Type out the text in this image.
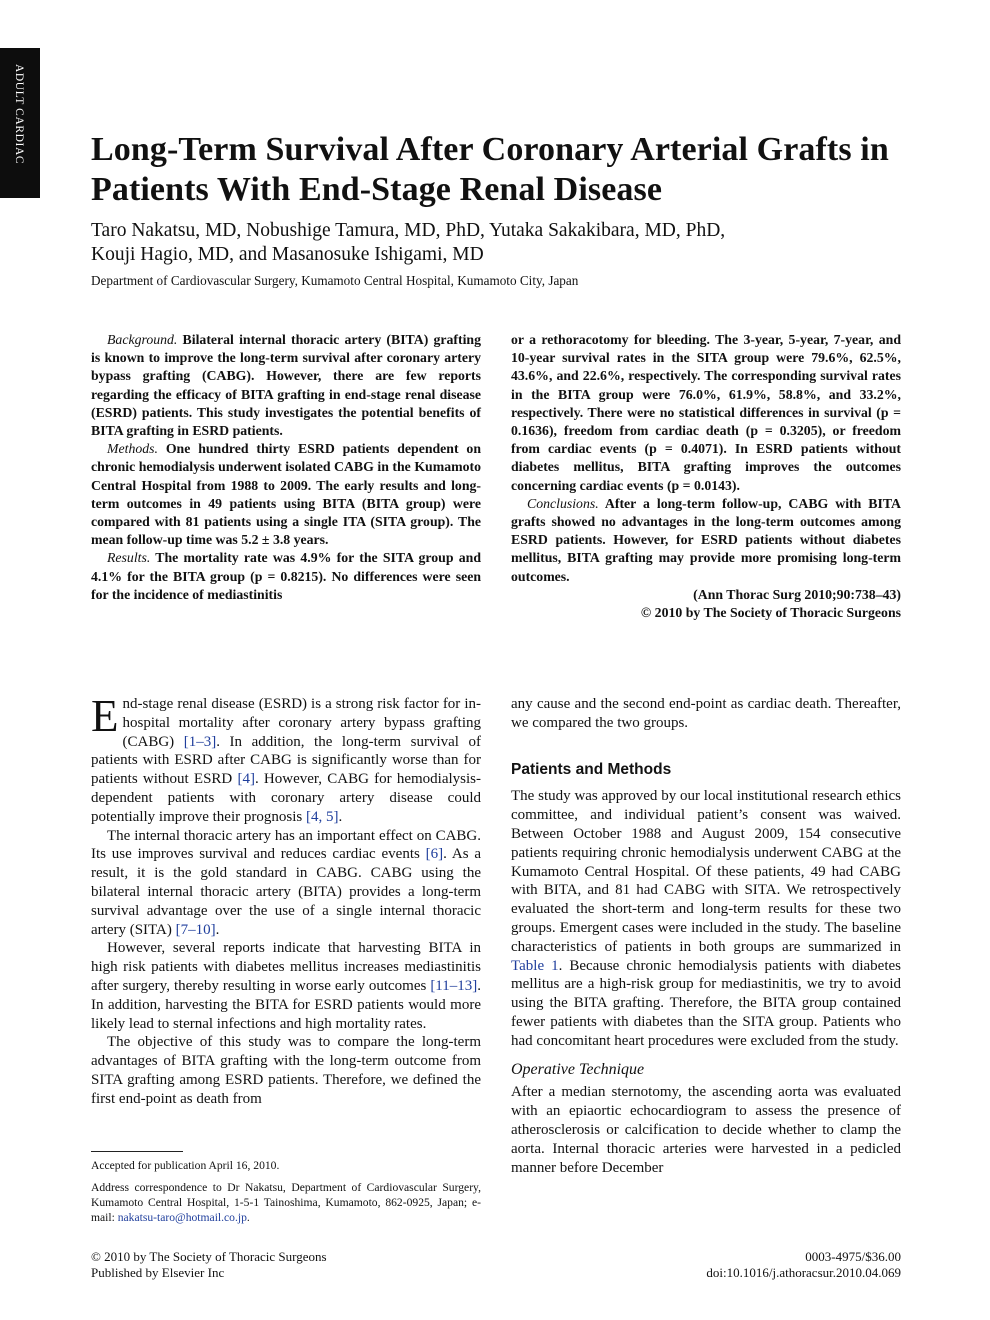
ADULT CARDIAC Long-Term Survival After Coronary Arterial Grafts in Patients With End-Stage Renal Disease
Taro Nakatsu, MD, Nobushige Tamura, MD, PhD, Yutaka Sakakibara, MD, PhD,
Kouji Hagio, MD, and Masanosuke Ishigami, MD
Department of Cardiovascular Surgery, Kumamoto Central Hospital, Kumamoto City, Japan

Background. Bilateral internal thoracic artery (BITA) grafting is known to improve the long-term survival after coronary artery bypass grafting (CABG). However, there are few reports regarding the efficacy of BITA grafting in end-stage renal disease (ESRD) patients. This study investigates the potential benefits of BITA grafting in ESRD patients.

Methods. One hundred thirty ESRD patients dependent on chronic hemodialysis underwent isolated CABG in the Kumamoto Central Hospital from 1988 to 2009. The early results and long-term outcomes in 49 patients using BITA (BITA group) were compared with 81 patients using a single ITA (SITA group). The mean follow-up time was 5.2 ± 3.8 years.

Results. The mortality rate was 4.9% for the SITA group and 4.1% for the BITA group (p = 0.8215). No differences were seen for the incidence of mediastinitis

or a rethoracotomy for bleeding. The 3-year, 5-year, 7-year, and 10-year survival rates in the SITA group were 79.6%, 62.5%, 43.6%, and 22.6%, respectively. The corresponding survival rates in the BITA group were 76.0%, 61.9%, 58.8%, and 33.2%, respectively. There were no statistical differences in survival (p = 0.1636), freedom from cardiac death (p = 0.3205), or freedom from cardiac events (p = 0.4071). In ESRD patients without diabetes mellitus, BITA grafting improves the outcomes concerning cardiac events (p = 0.0143).

Conclusions. After a long-term follow-up, CABG with BITA grafts showed no advantages in the long-term outcomes among ESRD patients. However, for ESRD patients without diabetes mellitus, BITA grafting may provide more promising long-term outcomes.

(Ann Thorac Surg 2010;90:738–43)
© 2010 by The Society of Thoracic Surgeons

End-stage renal disease (ESRD) is a strong risk factor for in-hospital mortality after coronary artery bypass grafting (CABG) [1–3]. In addition, the long-term survival of patients with ESRD after CABG is significantly worse than for patients without ESRD [4]. However, CABG for hemodialysis-dependent patients with coronary artery disease could potentially improve their prognosis [4, 5].

The internal thoracic artery has an important effect on CABG. Its use improves survival and reduces cardiac events [6]. As a result, it is the gold standard in CABG. CABG using the bilateral internal thoracic artery (BITA) provides a long-term survival advantage over the use of a single internal thoracic artery (SITA) [7–10].

However, several reports indicate that harvesting BITA in high risk patients with diabetes mellitus increases mediastinitis after surgery, thereby resulting in worse early outcomes [11–13]. In addition, harvesting the BITA for ESRD patients would more likely lead to sternal infections and high mortality rates.

The objective of this study was to compare the long-term advantages of BITA grafting with the long-term outcome from SITA grafting among ESRD patients. Therefore, we defined the first end-point as death from

any cause and the second end-point as cardiac death. Thereafter, we compared the two groups.

Patients and Methods

The study was approved by our local institutional research ethics committee, and individual patient’s consent was waived. Between October 1988 and August 2009, 154 consecutive patients requiring chronic hemodialysis underwent CABG at the Kumamoto Central Hospital. Of these patients, 49 had CABG with BITA, and 81 had CABG with SITA. We retrospectively evaluated the short-term and long-term results for these two groups. Emergent cases were included in the study. The baseline characteristics of patients in both groups are summarized in Table 1. Because chronic hemodialysis patients with diabetes mellitus are a high-risk group for mediastinitis, we try to avoid using the BITA grafting. Therefore, the BITA group contained fewer patients with diabetes than the SITA group. Patients who had concomitant heart procedures were excluded from the study.

Operative Technique

After a median sternotomy, the ascending aorta was evaluated with an epiaortic echocardiogram to assess the presence of atherosclerosis or calcification to decide whether to clamp the aorta. Internal thoracic arteries were harvested in a pedicled manner before December

Accepted for publication April 16, 2010.

Address correspondence to Dr Nakatsu, Department of Cardiovascular Surgery, Kumamoto Central Hospital, 1-5-1 Tainoshima, Kumamoto, 862-0925, Japan; e-mail: nakatsu-taro@hotmail.co.jp.

© 2010 by The Society of Thoracic Surgeons
Published by Elsevier Inc
0003-4975/$36.00
doi:10.1016/j.athoracsur.2010.04.069
